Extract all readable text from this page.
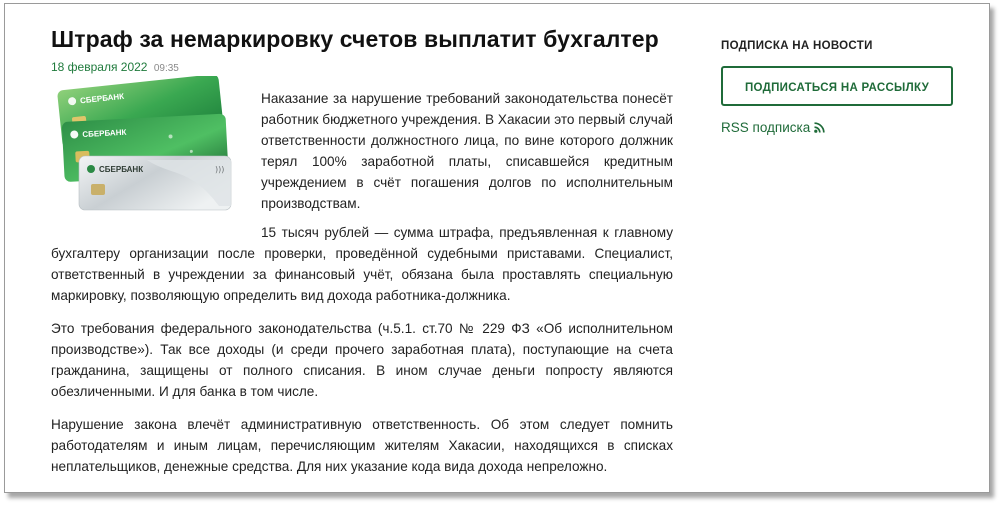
Штраф за немаркировку счетов выплатит бухгалтер
18 февраля 2022 09:35
СБЕРБАНК
СБЕРБАНК
СБЕРБАНК	)))

Наказание за нарушение требований законодательства понесёт работник бюджетного учреждения. В Хакасии это первый случай ответственности должностного лица, по вине которого должник терял 100% заработной платы, списавшейся кредитным учреждением в счёт погашения долгов по исполнительным производствам.

15 тысяч рублей — сумма штрафа, предъявленная к главному бухгалтеру организации после проверки, проведённой судебными приставами. Специалист, ответственный в учреждении за финансовый учёт, обязана была проставлять специальную маркировку, позволяющую определить вид дохода работника-должника.

Это требования федерального законодательства (ч.5.1. ст.70 № 229 ФЗ «Об исполнительном производстве»). Так все доходы (и среди прочего заработная плата), поступающие на счета гражданина, защищены от полного списания. В ином случае деньги попросту являются обезличенными. И для банка в том числе.

Нарушение закона влечёт административную ответственность. Об этом следует помнить работодателям и иным лицам, перечисляющим жителям Хакасии, находящихся в списках неплательщиков, денежные средства. Для них указание кода вида дохода непреложно.

ПОДПИСКА НА НОВОСТИ
ПОДПИСАТЬСЯ НА РАССЫЛКУ
RSS подписка
